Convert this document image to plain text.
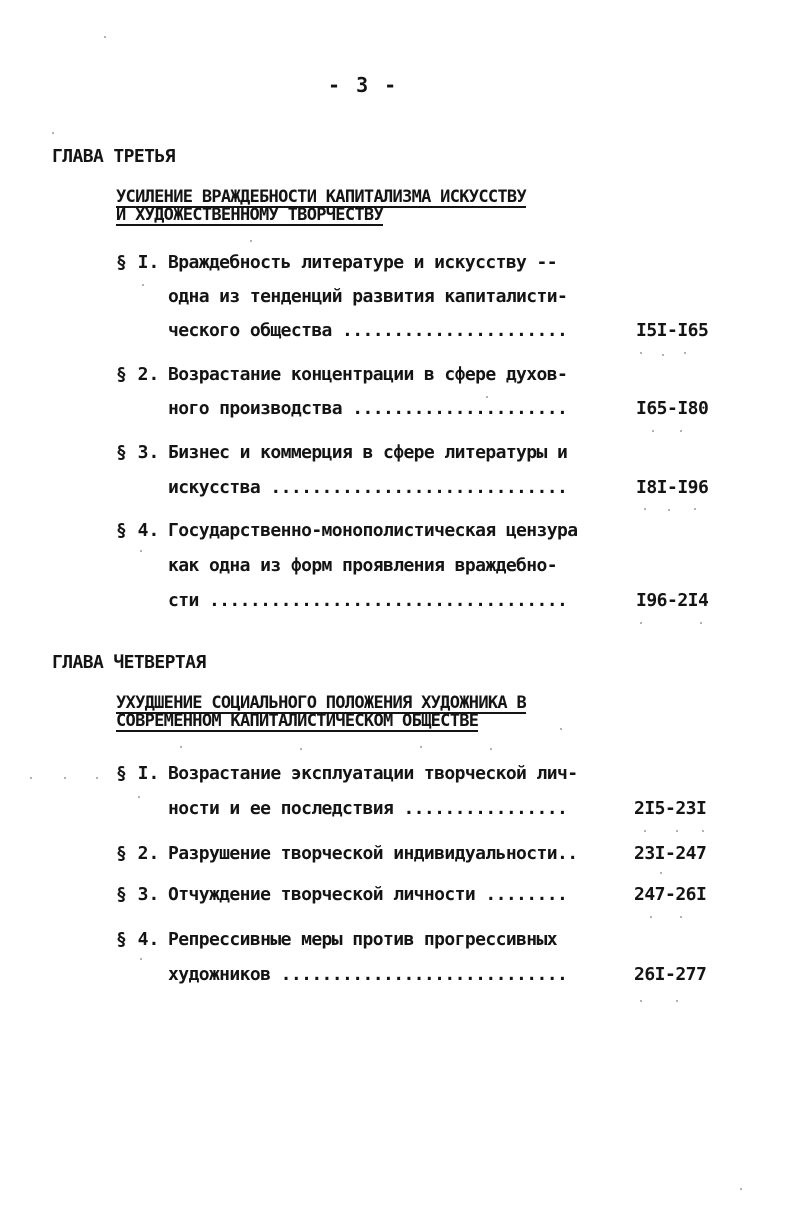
- 3 -
ГЛАВА ТРЕТЬЯ
УСИЛЕНИЕ ВРАЖДЕБНОСТИ КАПИТАЛИЗМА ИСКУССТВУ
И ХУДОЖЕСТВЕННОМУ ТВОРЧЕСТВУ
§ I. Враждебность литературе и искусству --
одна из тенденций развития капиталисти-
ческого общества ......................	I5I-I65
§ 2. Возрастание концентрации в сфере духов-
ного производства .....................	I65-I80
§ 3. Бизнес и коммерция в сфере литературы и
искусства .............................	I8I-I96
§ 4. Государственно-монополистическая цензура
как одна из форм проявления враждебно-
сти ...................................	I96-2I4
ГЛАВА ЧЕТВЕРТАЯ
УХУДШЕНИЕ СОЦИАЛЬНОГО ПОЛОЖЕНИЯ ХУДОЖНИКА В
СОВРЕМЕННОМ КАПИТАЛИСТИЧЕСКОМ ОБЩЕСТВЕ
§ I. Возрастание эксплуатации творческой лич-
ности и ее последствия ................	2I5-23I
§ 2. Разрушение творческой индивидуальности..	23I-247
§ 3. Отчуждение творческой личности ........	247-26I
§ 4. Репрессивные меры против прогрессивных
художников ............................	26I-277
